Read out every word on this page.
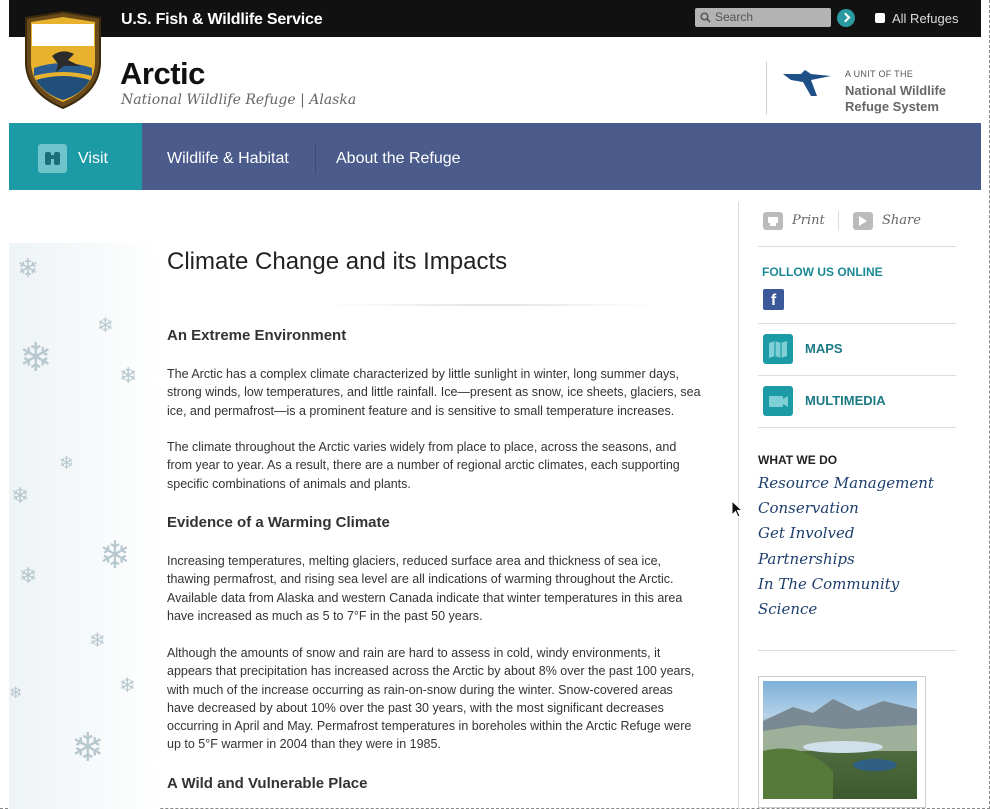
U.S. Fish & Wildlife Service
Search	All Refuges
Arctic
National Wildlife Refuge | Alaska
A UNIT OF THE
National Wildlife
Refuge System
Visit	Wildlife & Habitat	About the Refuge
❄
❄
❄	❄
❄
❄
❄
❄
❄
❄
❄
❄
Climate Change and its Impacts
An Extreme Environment

The Arctic has a complex climate characterized by little sunlight in winter, long summer days, strong winds, low temperatures, and little rainfall. Ice—present as snow, ice sheets, glaciers, sea ice, and permafrost—is a prominent feature and is sensitive to small temperature increases.

The climate throughout the Arctic varies widely from place to place, across the seasons, and from year to year. As a result, there are a number of regional arctic climates, each supporting specific combinations of animals and plants.

Evidence of a Warming Climate

Increasing temperatures, melting glaciers, reduced surface area and thickness of sea ice, thawing permafrost, and rising sea level are all indications of warming throughout the Arctic. Available data from Alaska and western Canada indicate that winter temperatures in this area have increased as much as 5 to 7°F in the past 50 years.

Although the amounts of snow and rain are hard to assess in cold, windy environments, it appears that precipitation has increased across the Arctic by about 8% over the past 100 years, with much of the increase occurring as rain-on-snow during the winter. Snow-covered areas have decreased by about 10% over the past 30 years, with the most significant decreases occurring in April and May. Permafrost temperatures in boreholes within the Arctic Refuge were up to 5°F warmer in 2004 than they were in 1985.

A Wild and Vulnerable Place
Print	Share
FOLLOW US ONLINE
f
MAPS
MULTIMEDIA
WHAT WE DO
Resource Management
Conservation
Get Involved
Partnerships
In The Community
Science
